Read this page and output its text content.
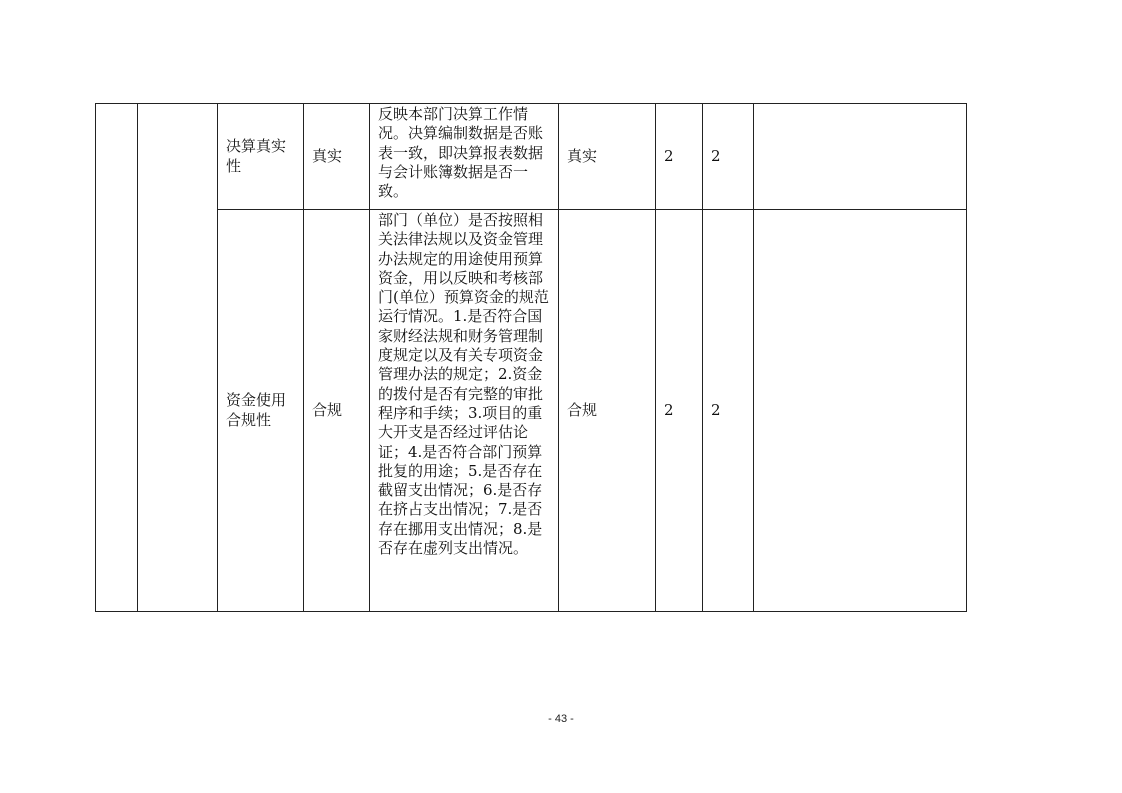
		决算真实性	真实	反映本部门决算工作情况。决算编制数据是否账表一致，即决算报表数据与会计账簿数据是否一致。	真实	2	2	
		资金使用合规性	合规	部门（单位）是否按照相关法律法规以及资金管理办法规定的用途使用预算资金，用以反映和考核部门(单位）预算资金的规范运行情况。1.是否符合国家财经法规和财务管理制度规定以及有关专项资金管理办法的规定；2.资金的拨付是否有完整的审批程序和手续；3.项目的重大开支是否经过评估论证；4.是否符合部门预算批复的用途；5.是否存在截留支出情况；6.是否存在挤占支出情况；7.是否存在挪用支出情况；8.是否存在虚列支出情况。	合规	2	2	
- 43 -
